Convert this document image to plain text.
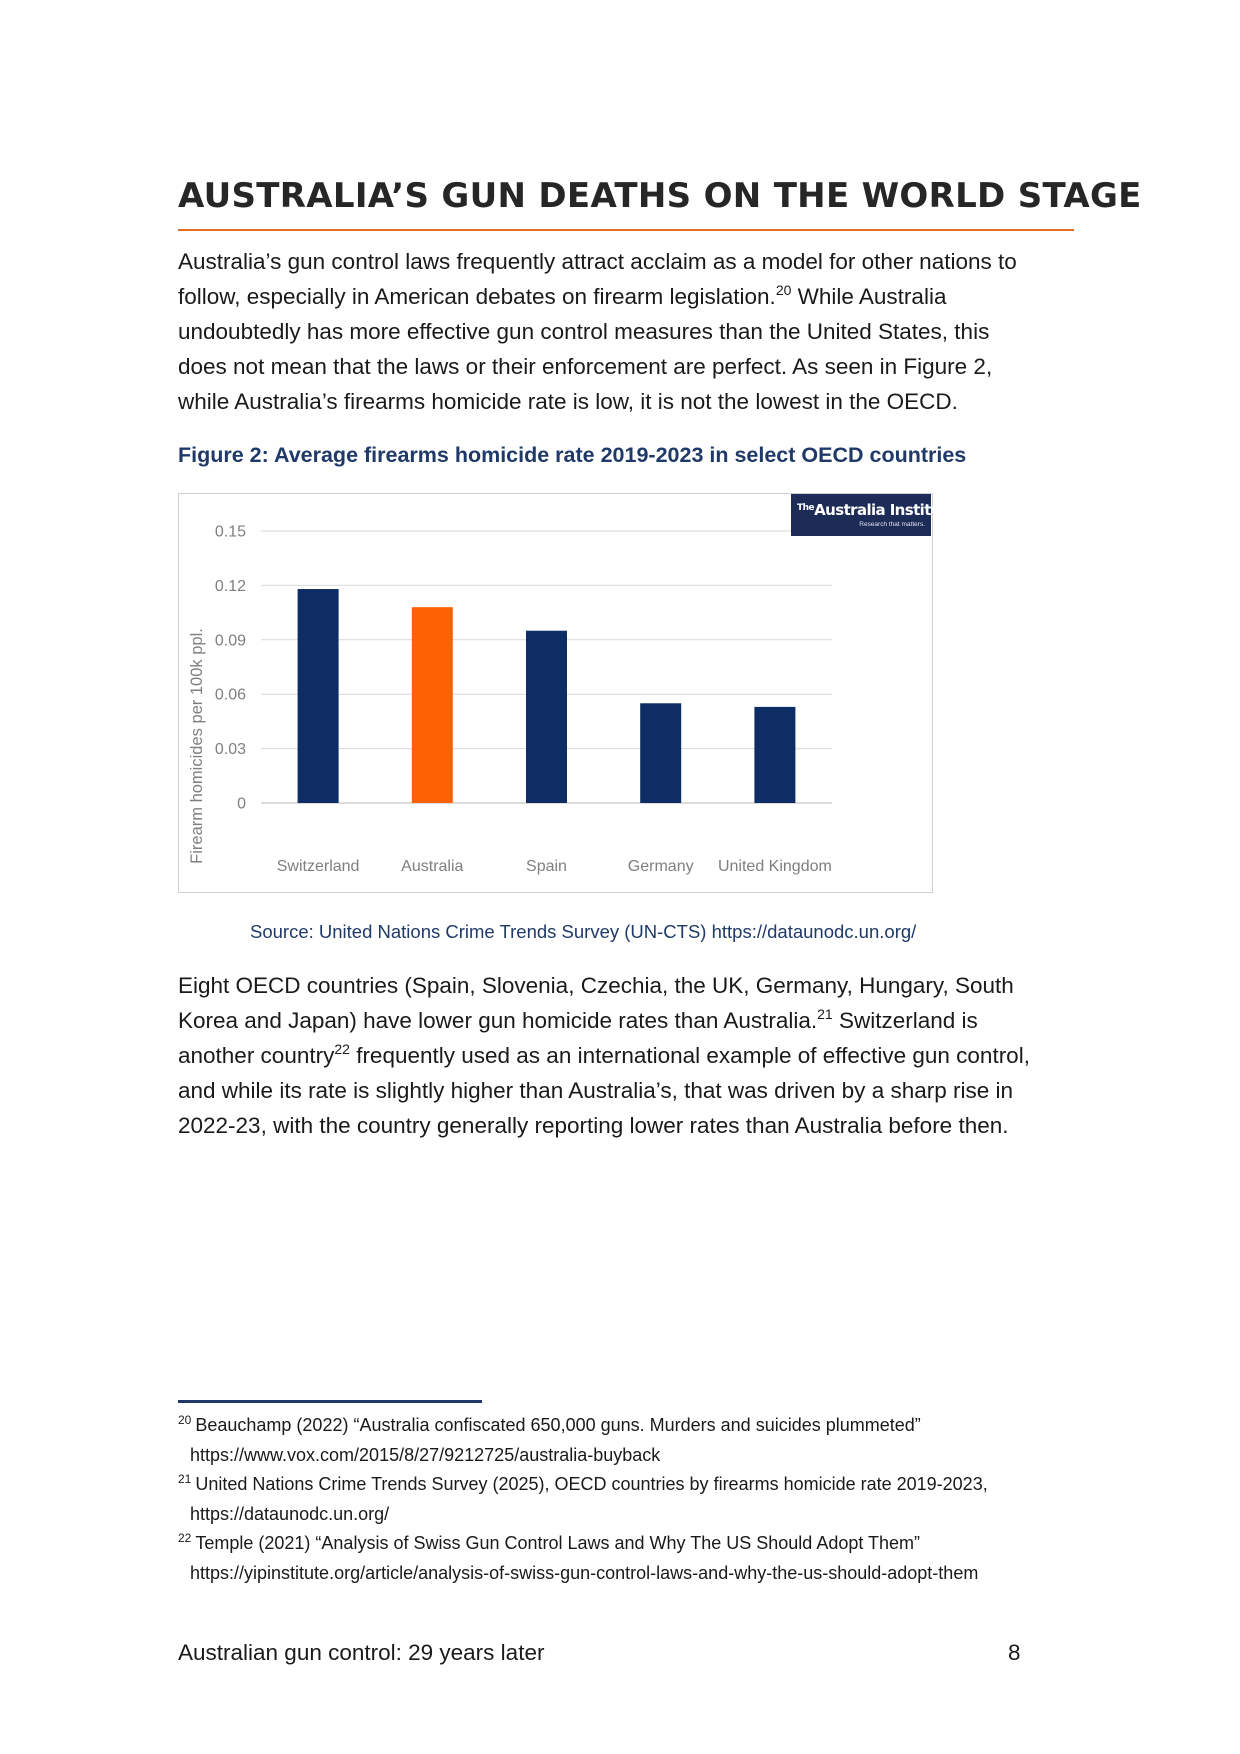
AUSTRALIA’S GUN DEATHS ON THE WORLD STAGE

Australia’s gun control laws frequently attract acclaim as a model for other nations to
follow, especially in American debates on firearm legislation.$^{20}$ While Australia
undoubtedly has more effective gun control measures than the United States, this
does not mean that the laws or their enforcement are perfect. As seen in Figure 2,
while Australia’s firearms homicide rate is low, it is not the lowest in the OECD.

Figure 2: Average firearms homicide rate 2019-2023 in select OECD countries

Firearm homicides per 100k ppl. 0
0.03
0.06
0.09
0.12
0.15
Switzerland	Australia	Spain	Germany United Kingdom
$^{The}$Australia Institute
Research that matters.

Source: United Nations Crime Trends Survey (UN-CTS) https://dataunodc.un.org/

Eight OECD countries (Spain, Slovenia, Czechia, the UK, Germany, Hungary, South
Korea and Japan) have lower gun homicide rates than Australia.$^{21}$ Switzerland is
another country$^{22}$ frequently used as an international example of effective gun control,
and while its rate is slightly higher than Australia’s, that was driven by a sharp rise in
2022-23, with the country generally reporting lower rates than Australia before then.

$^{20}$ Beauchamp (2022) “Australia confiscated 650,000 guns. Murders and suicides plummeted”
https://www.vox.com/2015/8/27/9212725/australia-buyback
$^{21}$ United Nations Crime Trends Survey (2025), OECD countries by firearms homicide rate 2019-2023,
https://dataunodc.un.org/
$^{22}$ Temple (2021) “Analysis of Swiss Gun Control Laws and Why The US Should Adopt Them”
https://yipinstitute.org/article/analysis-of-swiss-gun-control-laws-and-why-the-us-should-adopt-them

Australian gun control: 29 years later	8
